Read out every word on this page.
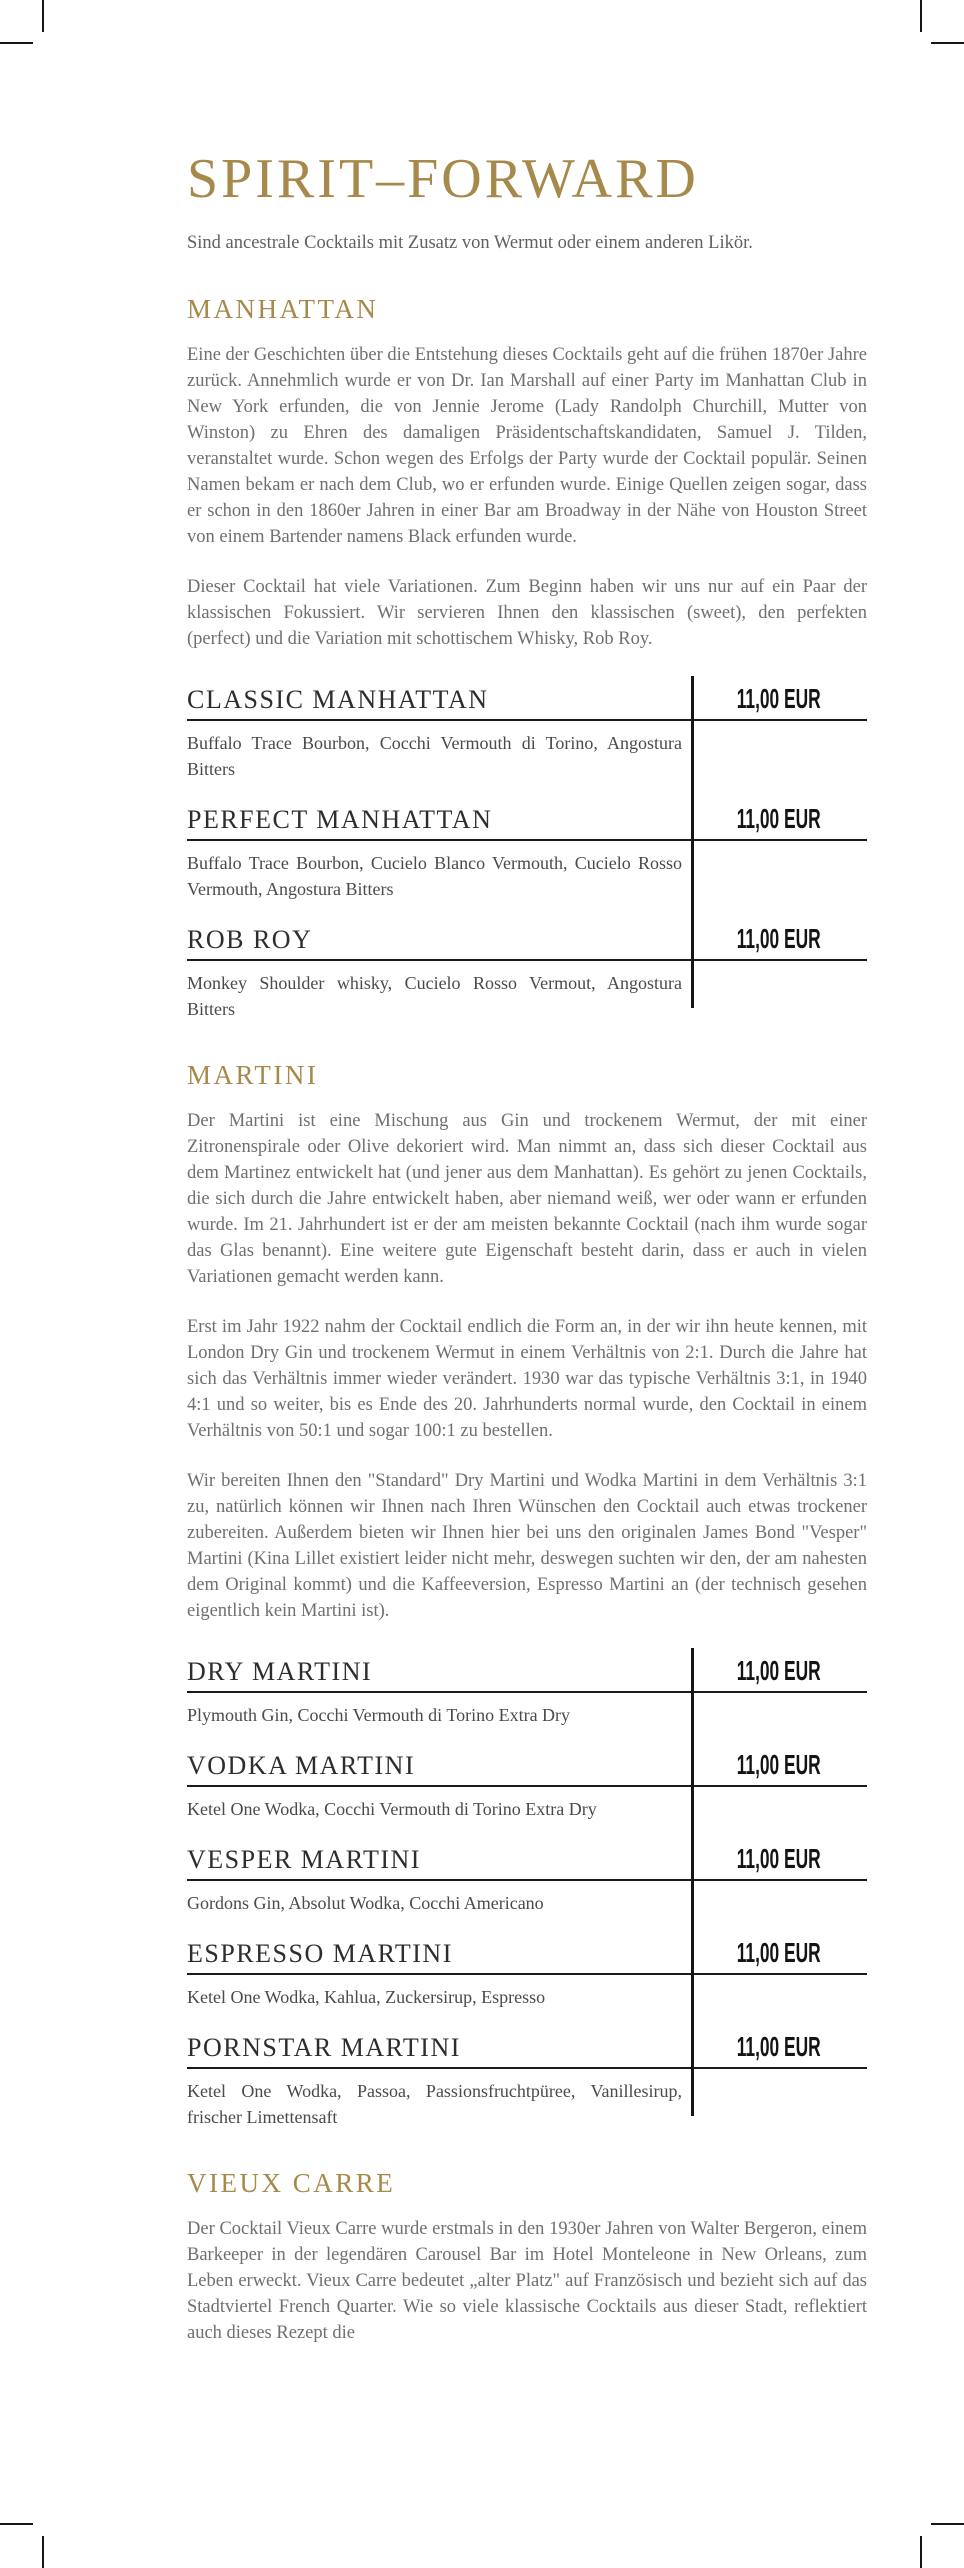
SPIRIT–FORWARD

Sind ancestrale Cocktails mit Zusatz von Wermut oder einem anderen Likör.

MANHATTAN

Eine der Geschichten über die Entstehung dieses Cocktails geht auf die frühen 1870er Jahre zurück. Annehmlich wurde er von Dr. Ian Marshall auf einer Party im Manhattan Club in New York erfunden, die von Jennie Jerome (Lady Randolph Churchill, Mutter von Winston) zu Ehren des damaligen Präsidentschaftskandidaten, Samuel J. Tilden, veranstaltet wurde. Schon wegen des Erfolgs der Party wurde der Cocktail populär. Seinen Namen bekam er nach dem Club, wo er erfunden wurde. Einige Quellen zeigen sogar, dass er schon in den 1860er Jahren in einer Bar am Broadway in der Nähe von Houston Street von einem Bartender namens Black erfunden wurde.

Dieser Cocktail hat viele Variationen. Zum Beginn haben wir uns nur auf ein Paar der klassischen Fokussiert. Wir servieren Ihnen den klassischen (sweet), den perfekten (perfect) und die Variation mit schottischem Whisky, Rob Roy.

CLASSIC MANHATTAN	11,00 EUR
Buffalo Trace Bourbon, Cocchi Vermouth di Torino, Angostura Bitters
PERFECT MANHATTAN	11,00 EUR
Buffalo Trace Bourbon, Cucielo Blanco Vermouth, Cucielo Rosso Vermouth, Angostura Bitters
ROB ROY	11,00 EUR
Monkey Shoulder whisky, Cucielo Rosso Vermout, Angostura Bitters
MARTINI

Der Martini ist eine Mischung aus Gin und trockenem Wermut, der mit einer Zitronenspirale oder Olive dekoriert wird. Man nimmt an, dass sich dieser Cocktail aus dem Martinez entwickelt hat (und jener aus dem Manhattan). Es gehört zu jenen Cocktails, die sich durch die Jahre entwickelt haben, aber niemand weiß, wer oder wann er erfunden wurde. Im 21. Jahrhundert ist er der am meisten bekannte Cocktail (nach ihm wurde sogar das Glas benannt). Eine weitere gute Eigenschaft besteht darin, dass er auch in vielen Variationen gemacht werden kann.

Erst im Jahr 1922 nahm der Cocktail endlich die Form an, in der wir ihn heute kennen, mit London Dry Gin und trockenem Wermut in einem Verhältnis von 2:1. Durch die Jahre hat sich das Verhältnis immer wieder verändert. 1930 war das typische Verhältnis 3:1, in 1940 4:1 und so weiter, bis es Ende des 20. Jahrhunderts normal wurde, den Cocktail in einem Verhältnis von 50:1 und sogar 100:1 zu bestellen.

Wir bereiten Ihnen den "Standard" Dry Martini und Wodka Martini in dem Verhältnis 3:1 zu, natürlich können wir Ihnen nach Ihren Wünschen den Cocktail auch etwas trockener zubereiten. Außerdem bieten wir Ihnen hier bei uns den originalen James Bond "Vesper" Martini (Kina Lillet existiert leider nicht mehr, deswegen suchten wir den, der am nahesten dem Original kommt) und die Kaffeeversion, Espresso Martini an (der technisch gesehen eigentlich kein Martini ist).

DRY MARTINI	11,00 EUR
Plymouth Gin, Cocchi Vermouth di Torino Extra Dry
VODKA MARTINI	11,00 EUR
Ketel One Wodka, Cocchi Vermouth di Torino Extra Dry
VESPER MARTINI	11,00 EUR
Gordons Gin, Absolut Wodka, Cocchi Americano
ESPRESSO MARTINI	11,00 EUR
Ketel One Wodka, Kahlua, Zuckersirup, Espresso
PORNSTAR MARTINI	11,00 EUR
Ketel One Wodka, Passoa, Passionsfruchtpüree, Vanillesirup, frischer Limettensaft
VIEUX CARRE

Der Cocktail Vieux Carre wurde erstmals in den 1930er Jahren von Walter Bergeron, einem Barkeeper in der legendären Carousel Bar im Hotel Monteleone in New Orleans, zum Leben erweckt. Vieux Carre bedeutet „alter Platz" auf Französisch und bezieht sich auf das Stadtviertel French Quarter. Wie so viele klassische Cocktails aus dieser Stadt, reflektiert auch dieses Rezept die
